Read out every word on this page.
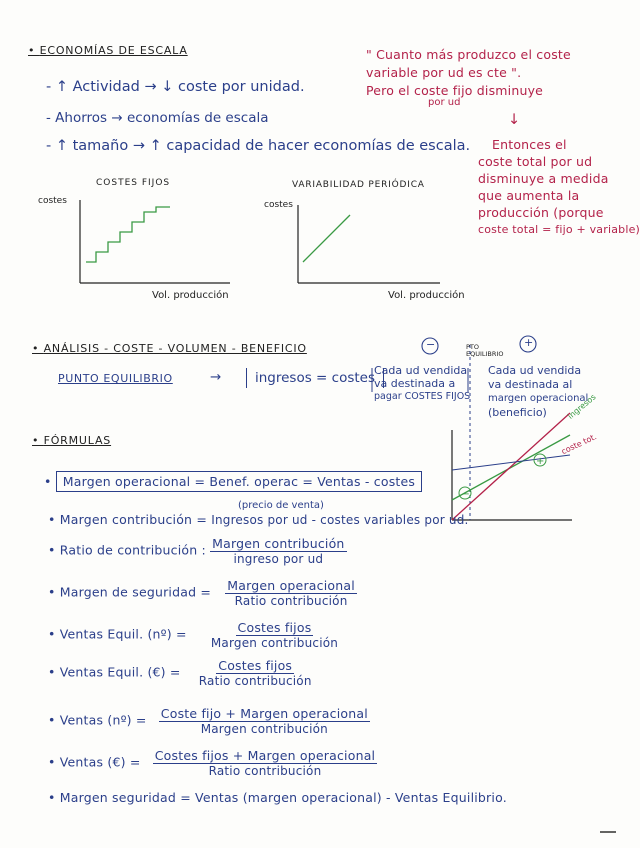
−
+
• ECONOMÍAS DE ESCALA
- ↑ Actividad → ↓ coste por unidad.
- Ahorros → economías de escala
- ↑ tamaño → ↑ capacidad de hacer economías de escala.
" Cuanto más produzco el coste
variable por ud es cte ".
Pero el coste fijo disminuye
por ud
↓
Entonces el
coste total por ud
disminuye a medida
que aumenta la
producción (porque
coste total = fijo + variable)
COSTES FIJOS
costes
Vol. producción
VARIABILIDAD PERIÓDICA
costes
Vol. producción
• ANÁLISIS - COSTE - VOLUMEN - BENEFICIO
PUNTO EQUILIBRIO	→	ingresos = costes
−	+
PTO
EQUILIBRIO
Cada ud vendida
va destinada a
pagar COSTES FIJOS
Cada ud vendida
va destinada al
margen operacional
(beneficio)	ingresos
coste tot.
• FÓRMULAS
• Margen operacional = Benef. operac = Ventas - costes
(precio de venta)
• Margen contribución = Ingresos por ud - costes variables por ud.
• Ratio de contribución : $\frac{\text{Margen contribución}}{\text{ingreso por ud}}$
• Margen de seguridad = $\frac{\text{Margen operacional}}{\text{Ratio contribución}}$
• Ventas Equil. (nº) = $\frac{\text{Costes fijos}}{\text{Margen contribución}}$
• Ventas Equil. (€) = $\frac{\text{Costes fijos}}{\text{Ratio contribución}}$
• Ventas (nº) = $\frac{\text{Coste fijo + Margen operacional}}{\text{Margen contribución}}$
• Ventas (€) = $\frac{\text{Costes fijos + Margen operacional}}{\text{Ratio contribución}}$
• Margen seguridad = Ventas (margen operacional) - Ventas Equilibrio.
